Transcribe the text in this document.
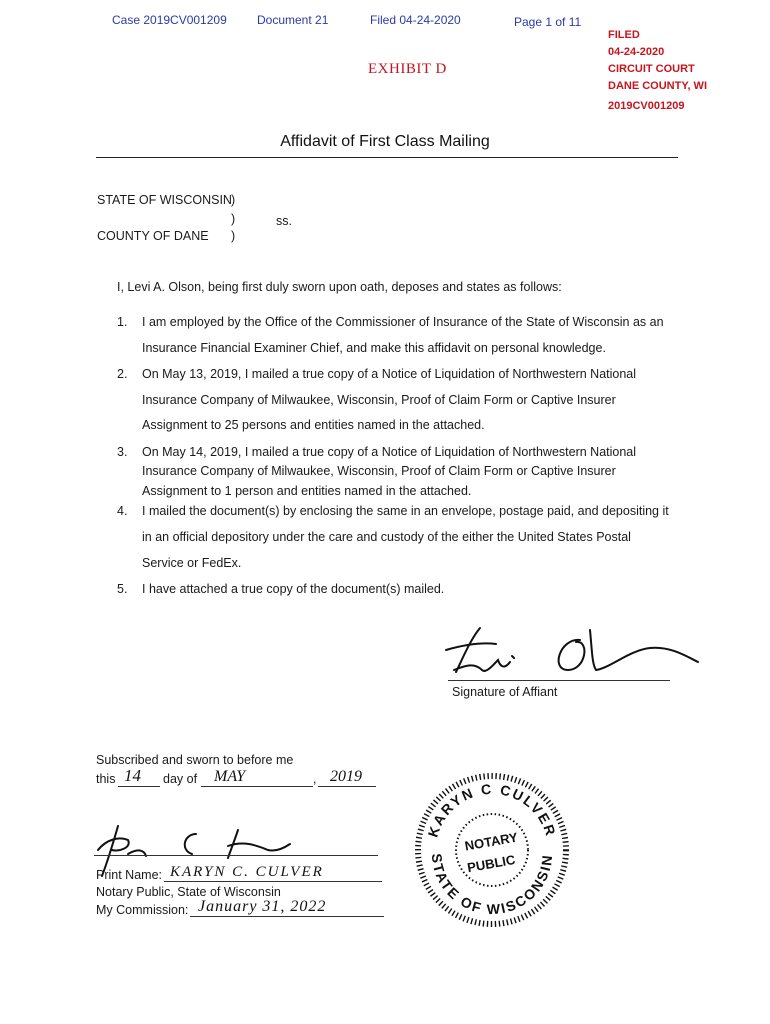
Case 2019CV001209	Document 21	Filed 04-24-2020	Page 1 of 11
FILED
04-24-2020
CIRCUIT COURT
DANE COUNTY, WI
2019CV001209
EXHIBIT D
Affidavit of First Class Mailing
STATE OF WISCONSIN )
)	ss.
COUNTY OF DANE )
I, Levi A. Olson, being first duly sworn upon oath, deposes and states as follows:
1. I am employed by the Office of the Commissioner of Insurance of the State of Wisconsin as an
Insurance Financial Examiner Chief, and make this affidavit on personal knowledge.
2. On May 13, 2019, I mailed a true copy of a Notice of Liquidation of Northwestern National
Insurance Company of Milwaukee, Wisconsin, Proof of Claim Form or Captive Insurer
Assignment to 25 persons and entities named in the attached.
3. On May 14, 2019, I mailed a true copy of a Notice of Liquidation of Northwestern National
Insurance Company of Milwaukee, Wisconsin, Proof of Claim Form or Captive Insurer
Assignment to 1 person and entities named in the attached.
4. I mailed the document(s) by enclosing the same in an envelope, postage paid, and depositing it
in an official depository under the care and custody of the either the United States Postal
Service or FedEx.
5. I have attached a true copy of the document(s) mailed.
Signature of Affiant
Subscribed and sworn to before me
this 14 day of MAY	, 2019
Print Name: KARYN C. CULVER
Notary Public, State of Wisconsin
My Commission: January 31, 2022
KARYN C CULVER
STATE OF WISCONSIN
NOTARY
PUBLIC
